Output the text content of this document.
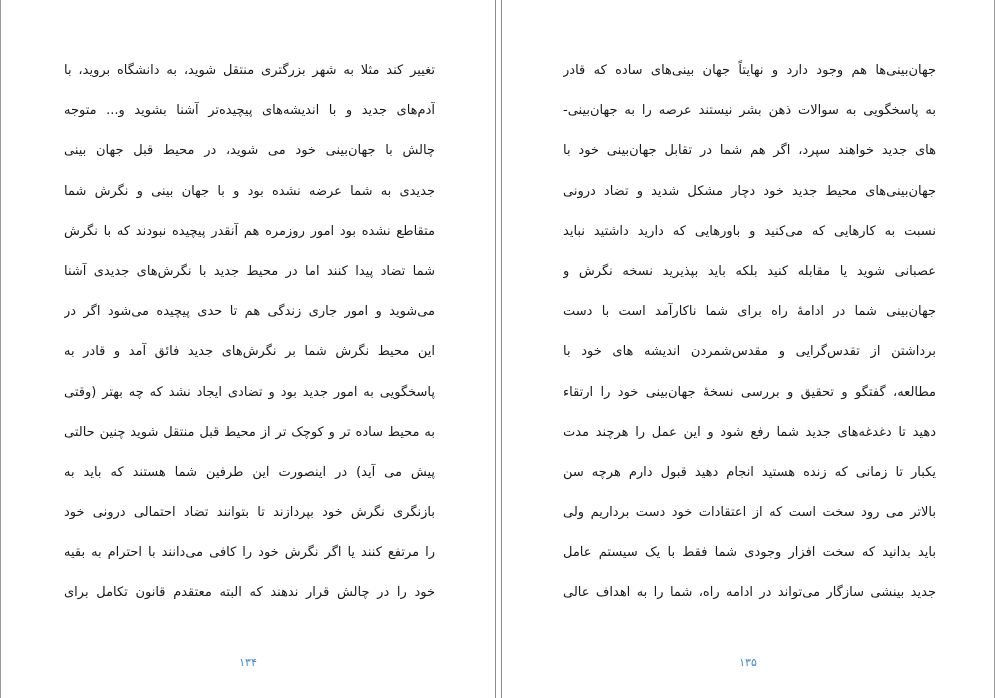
تغییر کند مثلا به شهر بزرگتری منتقل شوید، به دانشگاه بروید، با
آدم‌های جدید و با اندیشه‌های پیچیده‌تر آشنا بشوید و... متوجه
چالش با جهان‌بینی خود می شوید، در محیط قبل جهان بینی
جدیدی به شما عرضه نشده بود و با جهان بینی و نگرش شما
متقاطع نشده بود امور روزمره هم آنقدر پیچیده نبودند که با نگرش
شما تضاد پیدا کنند اما در محیط جدید با نگرش‌های جدیدی آشنا
می‌شوید و امور جاری زندگی هم تا حدی پیچیده می‌شود اگر در
این محیط نگرش شما بر نگرش‌های جدید فائق آمد و قادر به
پاسخگویی به امور جدید بود و تضادی ایجاد نشد که چه بهتر (وقتی
به محیط ساده تر و کوچک تر از محیط قبل منتقل شوید چنین حالتی
پیش می آید) در اینصورت این طرفین شما هستند که باید به
بازنگری نگرش خود بپردازند تا بتوانند تضاد احتمالی درونی خود
را مرتفع کنند یا اگر نگرش خود را کافی می‌دانند با احترام به بقیه
خود را در چالش قرار ندهند که البته معتقدم قانون تکامل برای
۱۳۴
جهان‌بینی‌ها هم وجود دارد و نهایتاً جهان بینی‌های ساده که قادر
به پاسخگویی به سوالات ذهن بشر نیستند عرصه را به جهان‌بینی-
های جدید خواهند سپرد، اگر هم شما در تقابل جهان‌بینی خود با
جهان‌بینی‌های محیط جدید خود دچار مشکل شدید و تضاد درونی
نسبت به کارهایی که می‌کنید و باورهایی که دارید داشتید نباید
عصبانی شوید یا مقابله کنید بلکه باید بپذیرید نسخه نگرش و
جهان‌بینی شما در ادامهٔ راه برای شما ناکارآمد است با دست
برداشتن از تقدس‌گرایی و مقدس‌شمردن اندیشه های خود با
مطالعه، گفتگو و تحقیق و بررسی نسخهٔ جهان‌بینی خود را ارتقاء
دهید تا دغدغه‌های جدید شما رفع شود و این عمل را هرچند مدت
یکبار تا زمانی که زنده هستید انجام دهید قبول دارم هرچه سن
بالاتر می رود سخت است که از اعتقادات خود دست برداریم ولی
باید بدانید که سخت افزار وجودی شما فقط با یک سیستم عامل
جدید بینشی سازگار می‌تواند در ادامه راه، شما را به اهداف عالی
۱۳۵
